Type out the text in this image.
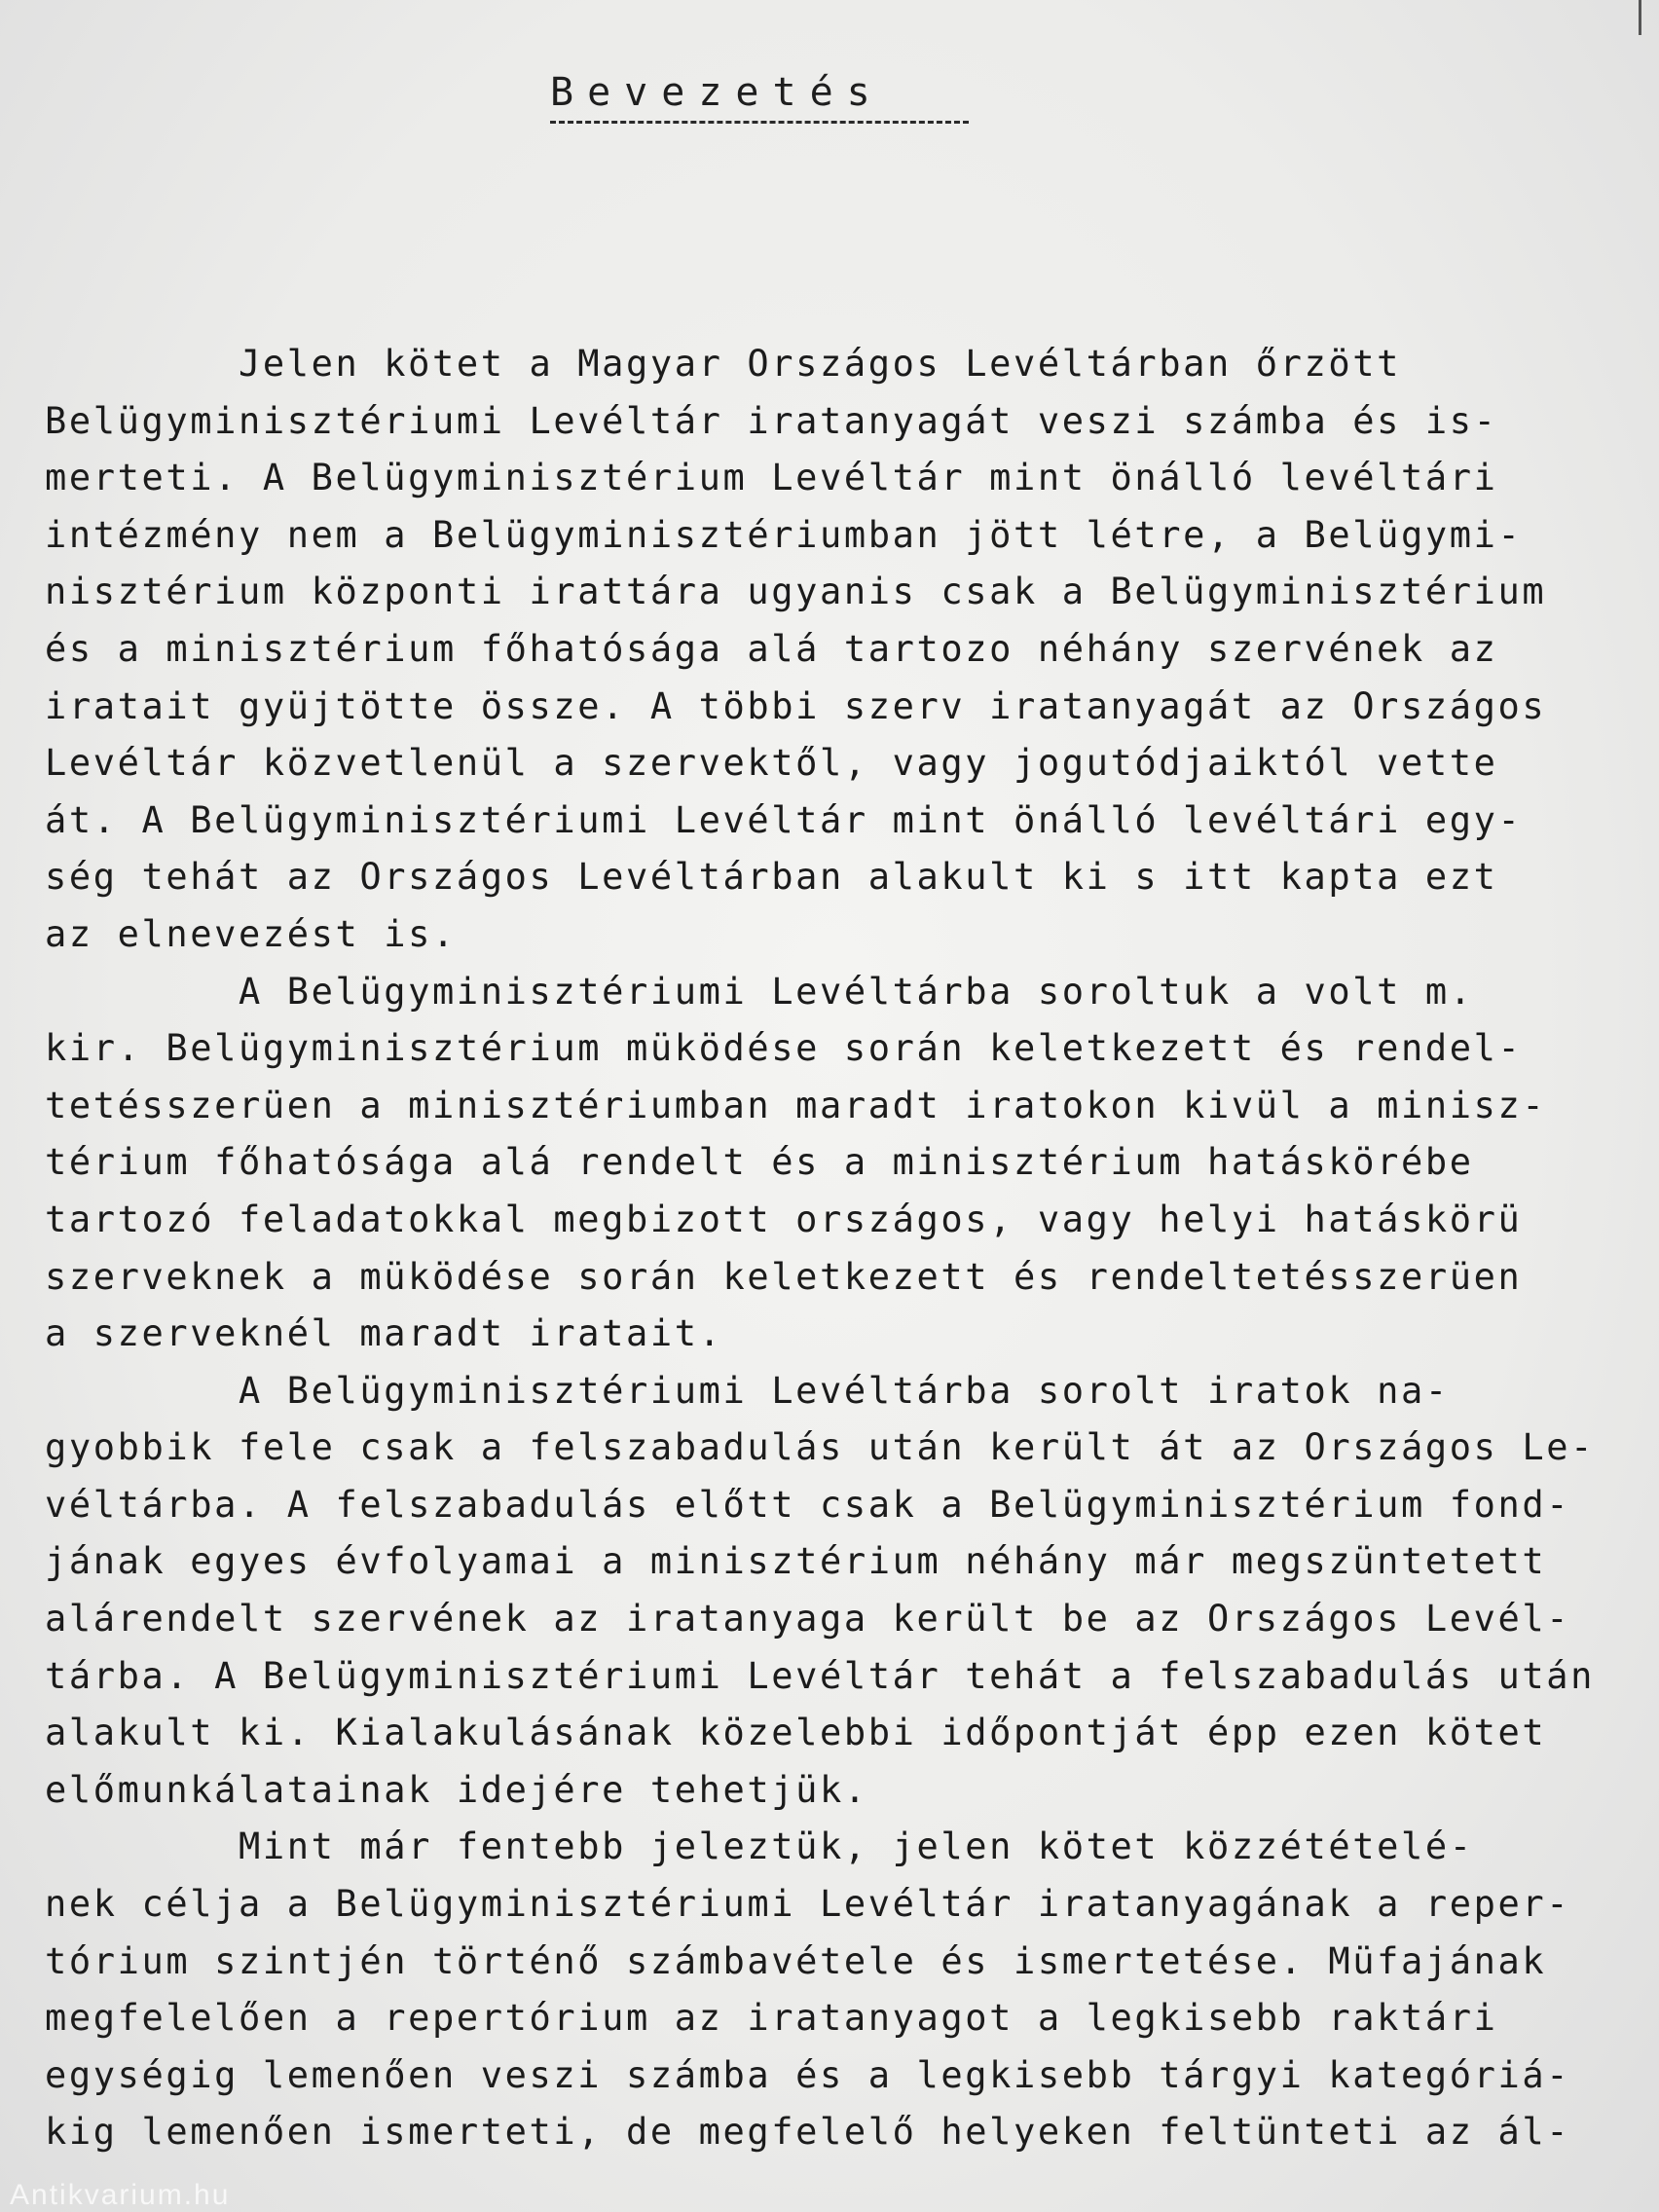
Bevezetés
Jelen kötet a Magyar Országos Levéltárban őrzött
Belügyminisztériumi Levéltár iratanyagát veszi számba és is-
merteti. A Belügyminisztérium Levéltár mint önálló levéltári
intézmény nem a Belügyminisztériumban jött létre, a Belügymi-
nisztérium központi irattára ugyanis csak a Belügyminisztérium
és a minisztérium főhatósága alá tartozo néhány szervének az
iratait gyüjtötte össze. A többi szerv iratanyagát az Országos
Levéltár közvetlenül a szervektől, vagy jogutódjaiktól vette
át. A Belügyminisztériumi Levéltár mint önálló levéltári egy-
ség tehát az Országos Levéltárban alakult ki s itt kapta ezt
az elnevezést is.
A Belügyminisztériumi Levéltárba soroltuk a volt m.
kir. Belügyminisztérium müködése során keletkezett és rendel-
tetésszerüen a minisztériumban maradt iratokon kivül a minisz-
térium főhatósága alá rendelt és a minisztérium hatáskörébe
tartozó feladatokkal megbizott országos, vagy helyi hatáskörü
szerveknek a müködése során keletkezett és rendeltetésszerüen
a szerveknél maradt iratait.
A Belügyminisztériumi Levéltárba sorolt iratok na-
gyobbik fele csak a felszabadulás után került át az Országos Le-
véltárba. A felszabadulás előtt csak a Belügyminisztérium fond-
jának egyes évfolyamai a minisztérium néhány már megszüntetett
alárendelt szervének az iratanyaga került be az Országos Levél-
tárba. A Belügyminisztériumi Levéltár tehát a felszabadulás után
alakult ki. Kialakulásának közelebbi időpontját épp ezen kötet
előmunkálatainak idejére tehetjük.
Mint már fentebb jeleztük, jelen kötet közzétételé-
nek célja a Belügyminisztériumi Levéltár iratanyagának a reper-
tórium szintjén történő számbavétele és ismertetése. Müfajának
megfelelően a repertórium az iratanyagot a legkisebb raktári
egységig lemenően veszi számba és a legkisebb tárgyi kategóriá-
kig lemenően ismerteti, de megfelelő helyeken feltünteti az ál-
Antikvarium.hu
